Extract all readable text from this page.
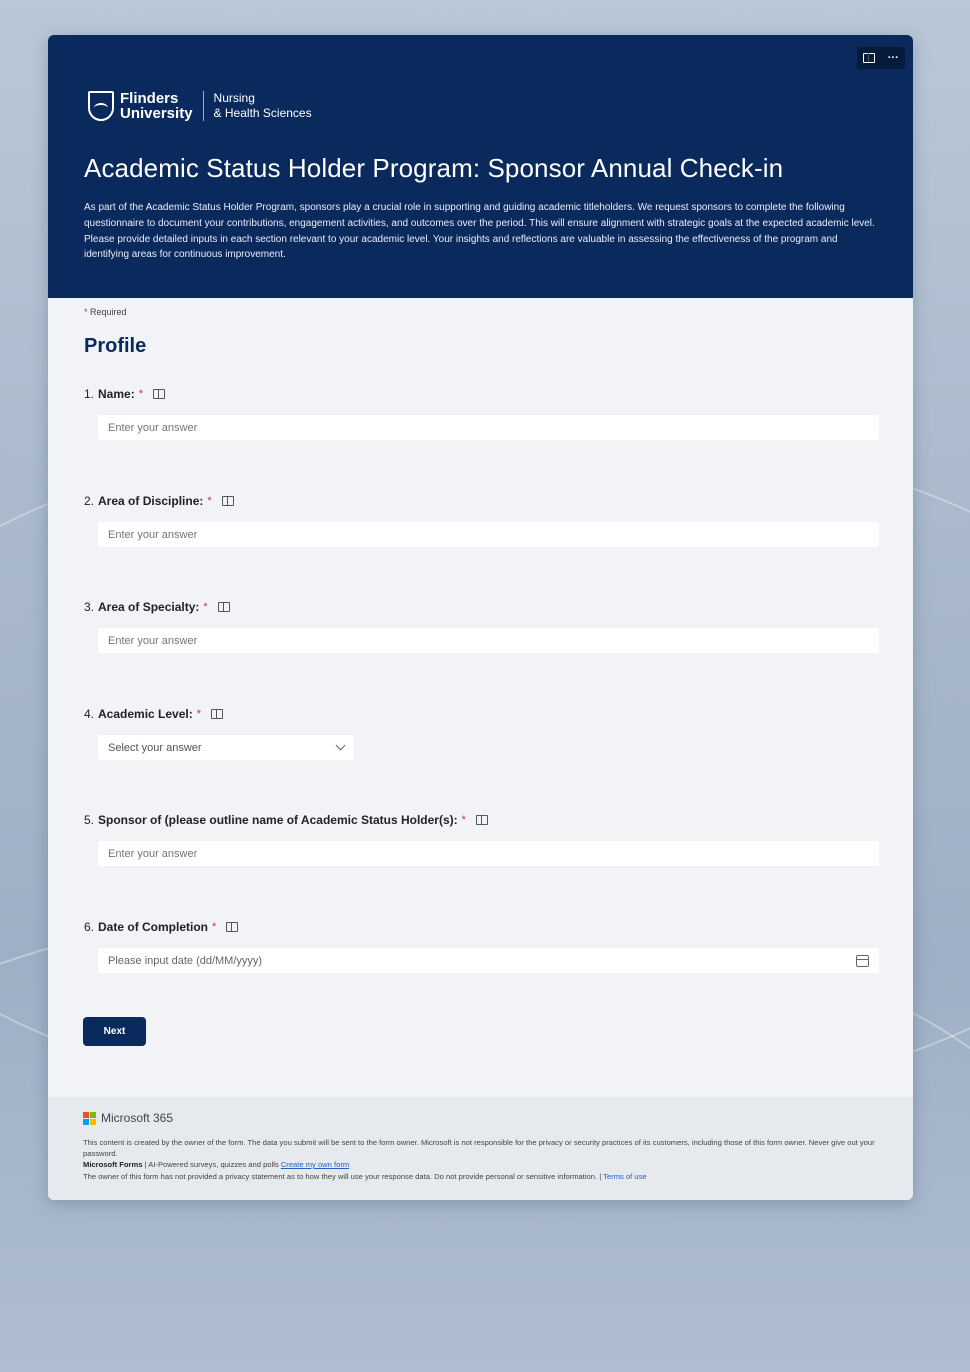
···
Flinders
University
Nursing
& Health Sciences
Academic Status Holder Program: Sponsor Annual Check-in

As part of the Academic Status Holder Program, sponsors play a crucial role in supporting and guiding academic titleholders. We request sponsors to complete the following questionnaire to document your contributions, engagement activities, and outcomes over the period. This will ensure alignment with strategic goals at the expected academic level. Please provide detailed inputs in each section relevant to your academic level. Your insights and reflections are valuable in assessing the effectiveness of the program and identifying areas for continuous improvement.

* Required
Profile
1. Name: *
Enter your answer
2. Area of Discipline: *
Enter your answer
3. Area of Specialty: *
Enter your answer
4. Academic Level: *
Select your answer
5. Sponsor of (please outline name of Academic Status Holder(s): *
Enter your answer
6. Date of Completion *
Please input date (dd/MM/yyyy)
Next
Microsoft 365

This content is created by the owner of the form. The data you submit will be sent to the form owner. Microsoft is not responsible for the privacy or security practices of its customers, including those of this form owner. Never give out your password.

Microsoft Forms | AI-Powered surveys, quizzes and polls Create my own form

The owner of this form has not provided a privacy statement as to how they will use your response data. Do not provide personal or sensitive information. | Terms of use
